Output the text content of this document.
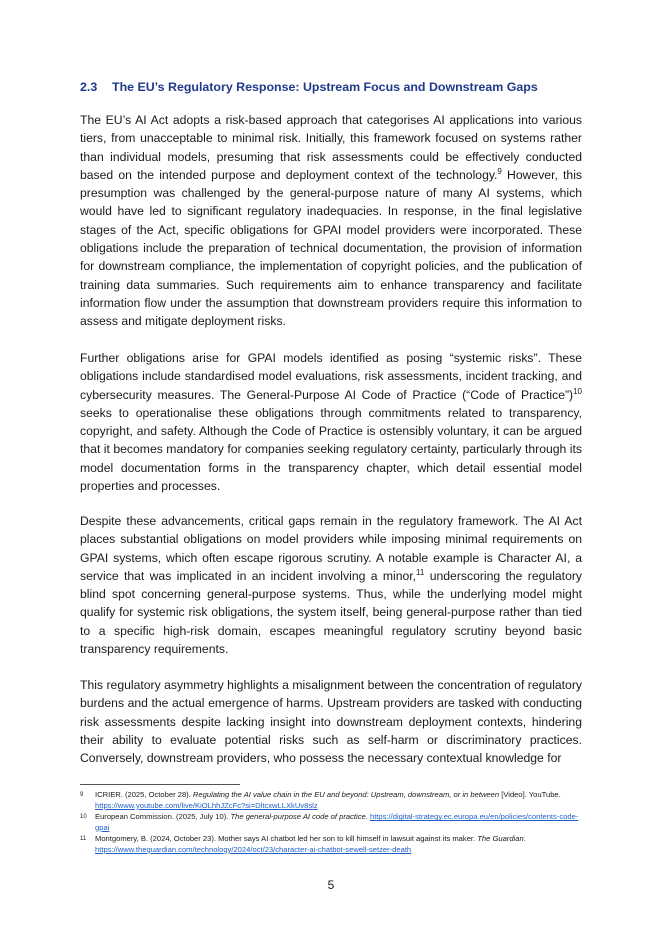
2.3 The EU’s Regulatory Response: Upstream Focus and Downstream Gaps

The EU’s AI Act adopts a risk-based approach that categorises AI applications into various tiers, from unacceptable to minimal risk. Initially, this framework focused on systems rather than individual models, presuming that risk assessments could be effectively conducted based on the intended purpose and deployment context of the technology.$^9$ However, this presumption was challenged by the general-purpose nature of many AI systems, which would have led to significant regulatory inadequacies. In response, in the final legislative stages of the Act, specific obligations for GPAI model providers were incorporated. These obligations include the preparation of technical documentation, the provision of information for downstream compliance, the implementation of copyright policies, and the publication of training data summaries. Such requirements aim to enhance transparency and facilitate information flow under the assumption that downstream providers require this information to assess and mitigate deployment risks.

Further obligations arise for GPAI models identified as posing “systemic risks”. These obligations include standardised model evaluations, risk assessments, incident tracking, and cybersecurity measures. The General-Purpose AI Code of Practice (“Code of Practice”)$^{10}$ seeks to operationalise these obligations through commitments related to transparency, copyright, and safety. Although the Code of Practice is ostensibly voluntary, it can be argued that it becomes mandatory for companies seeking regulatory certainty, particularly through its model documentation forms in the transparency chapter, which detail essential model properties and processes.

Despite these advancements, critical gaps remain in the regulatory framework. The AI Act places substantial obligations on model providers while imposing minimal requirements on GPAI systems, which often escape rigorous scrutiny. A notable example is Character AI, a service that was implicated in an incident involving a minor,$^{11}$ underscoring the regulatory blind spot concerning general-purpose systems. Thus, while the underlying model might qualify for systemic risk obligations, the system itself, being general-purpose rather than tied to a specific high-risk domain, escapes meaningful regulatory scrutiny beyond basic transparency requirements.

This regulatory asymmetry highlights a misalignment between the concentration of regulatory burdens and the actual emergence of harms. Upstream providers are tasked with conducting risk assessments despite lacking insight into downstream deployment contexts, hindering their ability to evaluate potential risks such as self-harm or discriminatory practices. Conversely, downstream providers, who possess the necessary contextual knowledge for

9 ICRIER. (2025, October 28). Regulating the AI value chain in the EU and beyond: Upstream, downstream, or in between [Video]. YouTube. https://www.youtube.com/live/KiOLhhJZcFc?si=DltcxwLLXkUv8slz
10 European Commission. (2025, July 10). The general-purpose AI code of practice. https://digital-strategy.ec.europa.eu/en/policies/contents-code-gpai
11 Montgomery, B. (2024, October 23). Mother says AI chatbot led her son to kill himself in lawsuit against its maker. The Guardian. https://www.theguardian.com/technology/2024/oct/23/character-ai-chatbot-sewell-setzer-death
5
